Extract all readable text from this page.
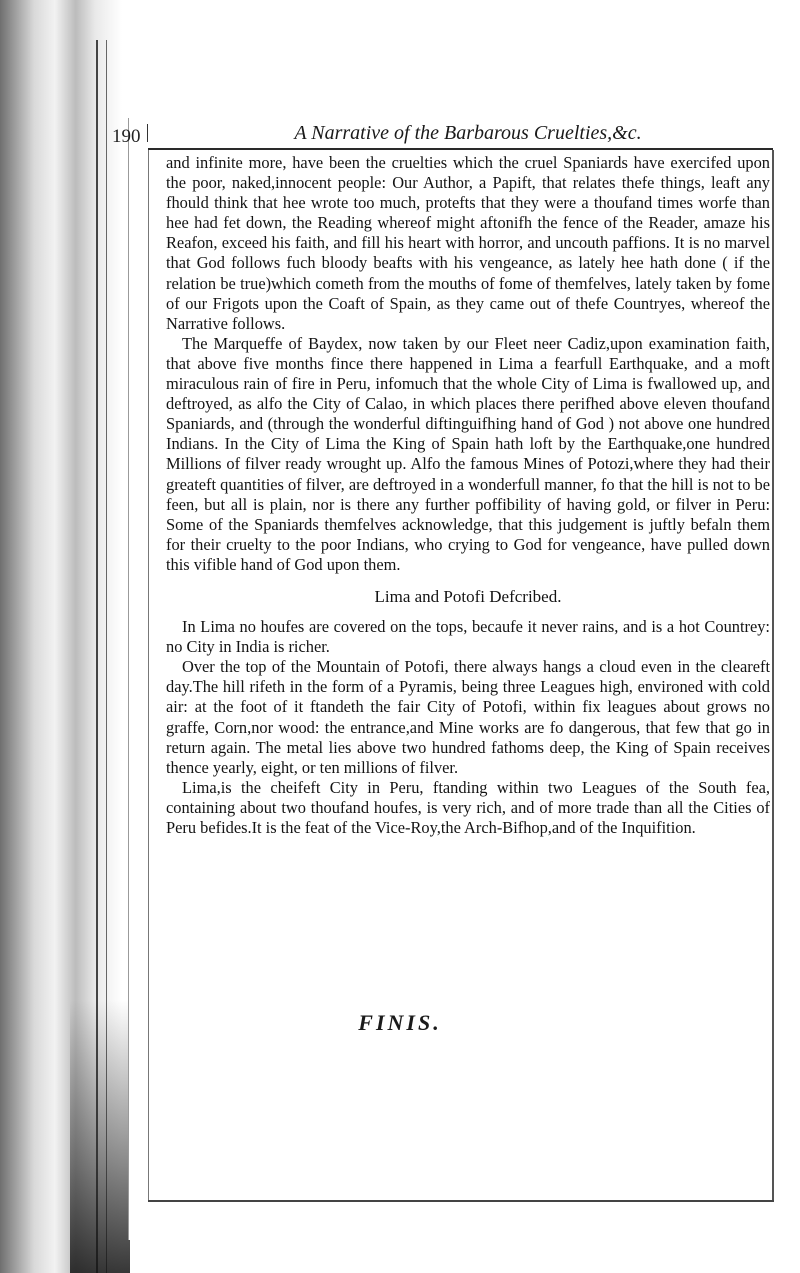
190	A Narrative of the Barbarous Cruelties,&c.

and infinite more, have been the cruelties which the cruel Spaniards have exercifed upon the poor, naked,innocent people: Our Author, a Papift, that relates thefe things, leaft any fhould think that hee wrote too much, protefts that they were a thoufand times worfe than hee had fet down, the Reading whereof might aftonifh the fence of the Reader, amaze his Reafon, exceed his faith, and fill his heart with horror, and uncouth paffions. It is no marvel that God follows fuch bloody beafts with his vengeance, as lately hee hath done ( if the relation be true)which cometh from the mouths of fome of themfelves, lately taken by fome of our Frigots upon the Coaft of Spain, as they came out of thefe Countryes, whereof the Narrative follows.

The Marqueffe of Baydex, now taken by our Fleet neer Cadiz,upon examination faith, that above five months fince there happened in Lima a fearfull Earthquake, and a moft miraculous rain of fire in Peru, infomuch that the whole City of Lima is fwallowed up, and deftroyed, as alfo the City of Calao, in which places there perifhed above eleven thoufand Spaniards, and (through the wonderful diftinguifhing hand of God ) not above one hundred Indians. In the City of Lima the King of Spain hath loft by the Earthquake,one hundred Millions of filver ready wrought up. Alfo the famous Mines of Potozi,where they had their greateft quantities of filver, are deftroyed in a wonderfull manner, fo that the hill is not to be feen, but all is plain, nor is there any further poffibility of having gold, or filver in Peru: Some of the Spaniards themfelves acknowledge, that this judgement is juftly befaln them for their cruelty to the poor Indians, who crying to God for vengeance, have pulled down this vifible hand of God upon them.

Lima and Potofi Defcribed.

In Lima no houfes are covered on the tops, becaufe it never rains, and is a hot Countrey: no City in India is richer.

Over the top of the Mountain of Potofi, there always hangs a cloud even in the cleareft day.The hill rifeth in the form of a Pyramis, being three Leagues high, environed with cold air: at the foot of it ftandeth the fair City of Potofi, within fix leagues about grows no graffe, Corn,nor wood: the entrance,and Mine works are fo dangerous, that few that go in return again. The metal lies above two hundred fathoms deep, the King of Spain receives thence yearly, eight, or ten millions of filver.

Lima,is the cheifeft City in Peru, ftanding within two Leagues of the South fea, containing about two thoufand houfes, is very rich, and of more trade than all the Cities of Peru befides.It is the feat of the Vice-Roy,the Arch-Bifhop,and of the Inquifition.

FINIS.
